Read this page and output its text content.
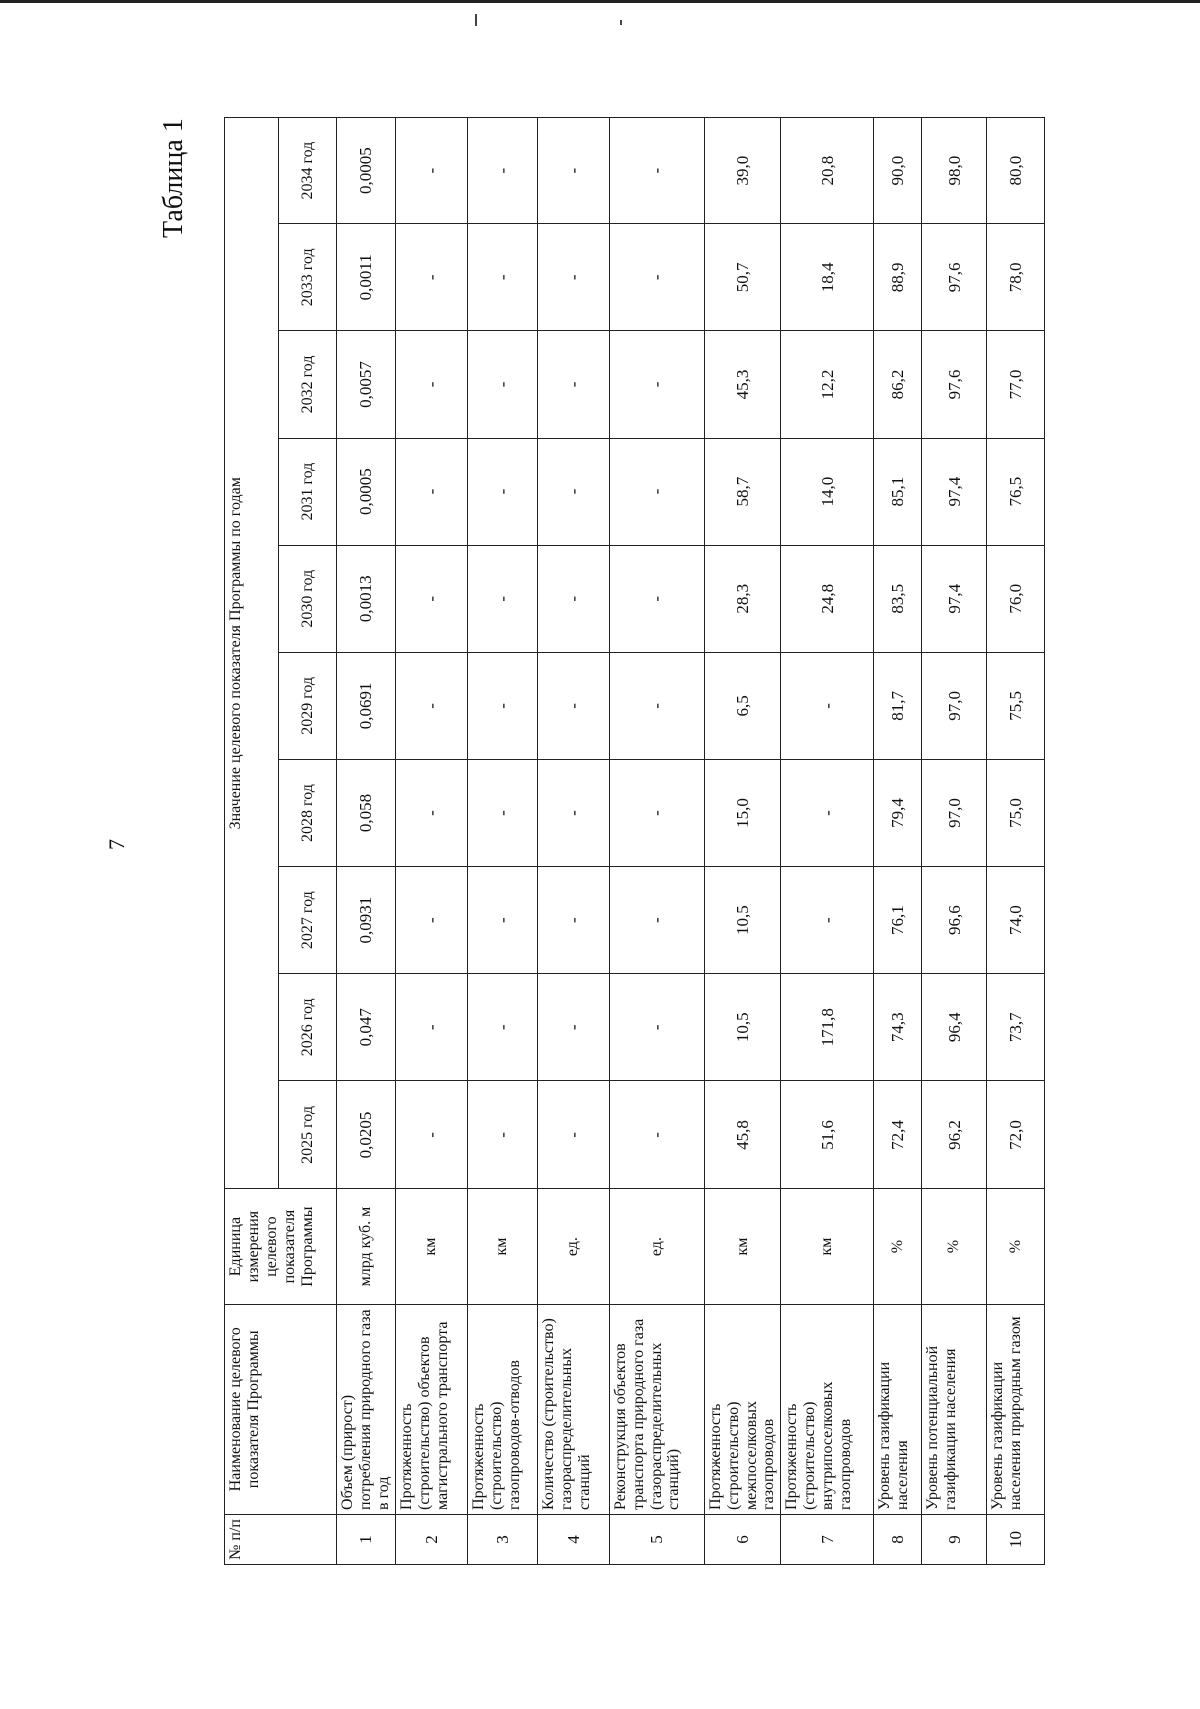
7
Таблица 1
№ п/п	Наименование целевого показателя Программы	Единица измерения целевого показателя Программы	Значение целевого показателя Программы по годам									
			2025 год	2026 год	2027 год	2028 год	2029 год	2030 год	2031 год	2032 год	2033 год	2034 год
1	Объем (прирост) потребления природного газа в год	млрд куб. м	0,0205	0,047	0,0931	0,058	0,0691	0,0013	0,0005	0,0057	0,0011	0,0005
2	Протяженность (строительство) объектов магистрального транспорта	км	-	-	-	-	-	-	-	-	-	-
3	Протяженность (строительство) газопроводов-отводов	км	-	-	-	-	-	-	-	-	-	-
4	Количество (строительство) газораспределительных станций	ед.	-	-	-	-	-	-	-	-	-	-
5	Реконструкция объектов транспорта природного газа (газораспределительных станций)	ед.	-	-	-	-	-	-	-	-	-	-
6	Протяженность (строительство) межпоселковых газопроводов	км	45,8	10,5	10,5	15,0	6,5	28,3	58,7	45,3	50,7	39,0
7	Протяженность (строительство) внутрипоселковых газопроводов	км	51,6	171,8	-	-	-	24,8	14,0	12,2	18,4	20,8
8	Уровень газификации населения	%	72,4	74,3	76,1	79,4	81,7	83,5	85,1	86,2	88,9	90,0
9	Уровень потенциальной газификации населения	%	96,2	96,4	96,6	97,0	97,0	97,4	97,4	97,6	97,6	98,0
10	Уровень газификации населения природным газом	%	72,0	73,7	74,0	75,0	75,5	76,0	76,5	77,0	78,0	80,0
